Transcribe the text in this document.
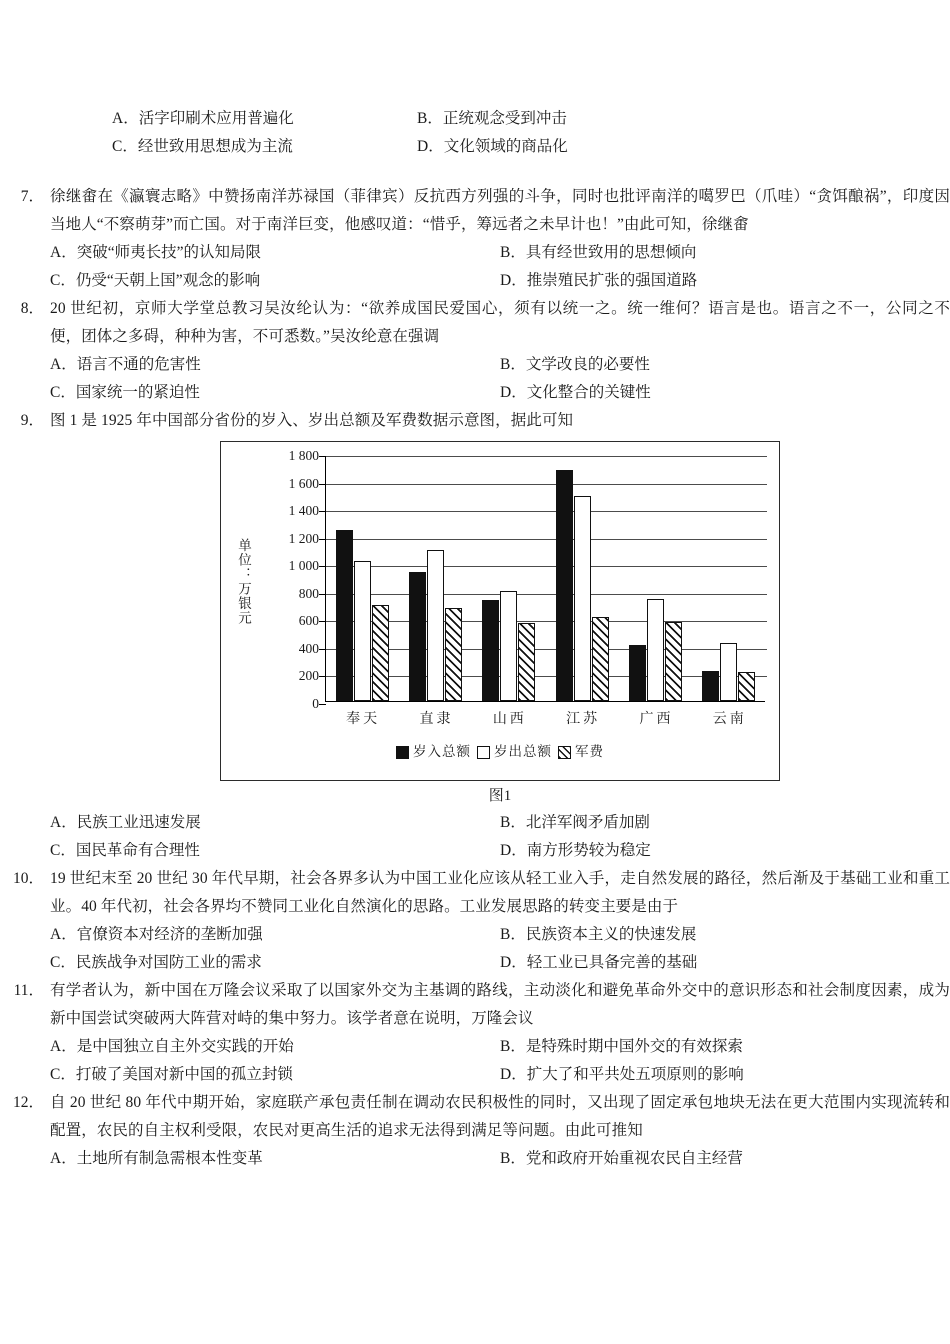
A．活字印刷术应用普遍化	B．正统观念受到冲击
C．经世致用思想成为主流	D．文化领域的商品化
7． 徐继畬在《瀛寰志略》中赞扬南洋苏禄国（菲律宾）反抗西方列强的斗争，同时也批评南洋的噶罗巴（爪哇）“贪饵酿祸”，印度因当地人“不察萌芽”而亡国。对于南洋巨变，他感叹道：“惜乎，筹远者之未早计也！”由此可知，徐继畬
A．突破“师夷长技”的认知局限	B．具有经世致用的思想倾向
C．仍受“天朝上国”观念的影响	D．推崇殖民扩张的强国道路
8． 20 世纪初，京师大学堂总教习吴汝纶认为：“欲养成国民爱国心，须有以统一之。统一维何？语言是也。语言之不一，公同之不便，团体之多碍，种种为害，不可悉数。”吴汝纶意在强调
A．语言不通的危害性	B．文学改良的必要性
C．国家统一的紧迫性	D．文化整合的关键性
9． 图 1 是 1925 年中国部分省份的岁入、岁出总额及军费数据示意图，据此可知
单位：万银元
0
200
400
600
800
1 000
1 200
1 400
1 600
1 800
奉天	直隶	山西	江苏	广西	云南
岁入总额 岁出总额 军费
图1
A．民族工业迅速发展	B．北洋军阀矛盾加剧
C．国民革命有合理性	D．南方形势较为稳定
10． 19 世纪末至 20 世纪 30 年代早期，社会各界多认为中国工业化应该从轻工业入手，走自然发展的路径，然后渐及于基础工业和重工业。40 年代初，社会各界均不赞同工业化自然演化的思路。工业发展思路的转变主要是由于
A．官僚资本对经济的垄断加强	B．民族资本主义的快速发展
C．民族战争对国防工业的需求	D．轻工业已具备完善的基础
11． 有学者认为，新中国在万隆会议采取了以国家外交为主基调的路线，主动淡化和避免革命外交中的意识形态和社会制度因素，成为新中国尝试突破两大阵营对峙的集中努力。该学者意在说明，万隆会议
A．是中国独立自主外交实践的开始	B．是特殊时期中国外交的有效探索
C．打破了美国对新中国的孤立封锁	D．扩大了和平共处五项原则的影响
12． 自 20 世纪 80 年代中期开始，家庭联产承包责任制在调动农民积极性的同时，又出现了固定承包地块无法在更大范围内实现流转和配置，农民的自主权利受限，农民对更高生活的追求无法得到满足等问题。由此可推知
A．土地所有制急需根本性变革	B．党和政府开始重视农民自主经营
